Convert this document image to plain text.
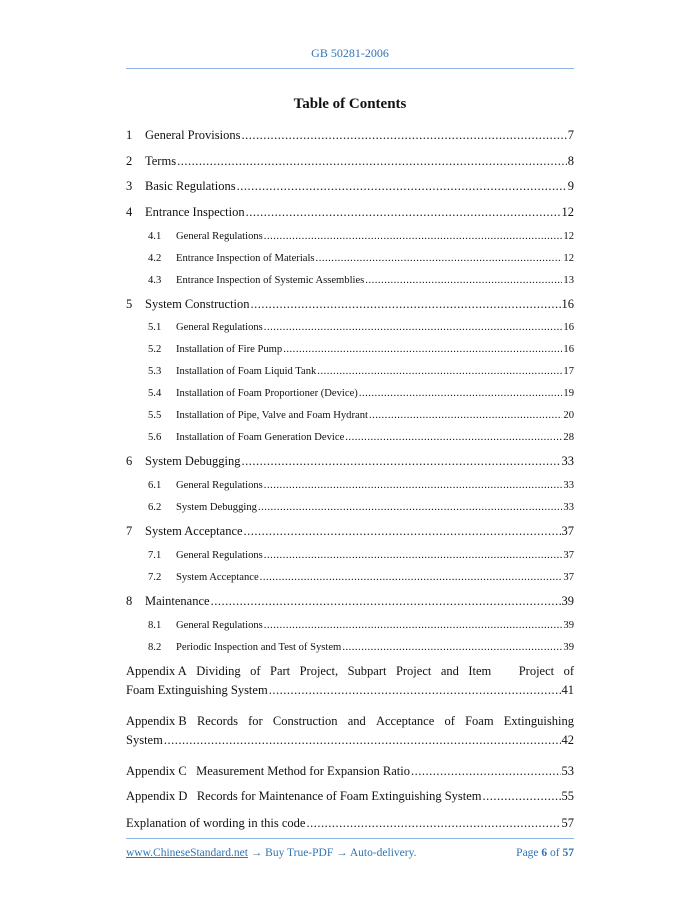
GB 50281-2006
Table of Contents
1	General Provisions .....	7
2	Terms .....	8
3	Basic Regulations .....	9
4	Entrance Inspection .....	12
4.1	General Regulations .....	12
4.2	Entrance Inspection of Materials .....	12
4.3	Entrance Inspection of Systemic Assemblies .....	13
5	System Construction .....	16
5.1	General Regulations .....	16
5.2	Installation of Fire Pump .....	16
5.3	Installation of Foam Liquid Tank .....	17
5.4	Installation of Foam Proportioner (Device) .....	19
5.5	Installation of Pipe, Valve and Foam Hydrant .....	20
5.6	Installation of Foam Generation Device .....	28
6	System Debugging .....	33
6.1	General Regulations .....	33
6.2	System Debugging .....	33
7	System Acceptance .....	37
7.1	General Regulations .....	37
7.2	System Acceptance .....	37
8	Maintenance .....	39
8.1	General Regulations .....	39
8.2	Periodic Inspection and Test of System .....	39
Appendix A Dividing of Part Project, Subpart Project and Item Project of
Foam Extinguishing System .....	41
Appendix B Records for Construction and Acceptance of Foam Extinguishing
System .....	42
Appendix C   Measurement Method for Expansion Ratio .....	53
Appendix D   Records for Maintenance of Foam Extinguishing System .....	55
Explanation of wording in this code .....	57
www.ChineseStandard.net → Buy True-PDF → Auto-delivery.	Page 6 of 57
